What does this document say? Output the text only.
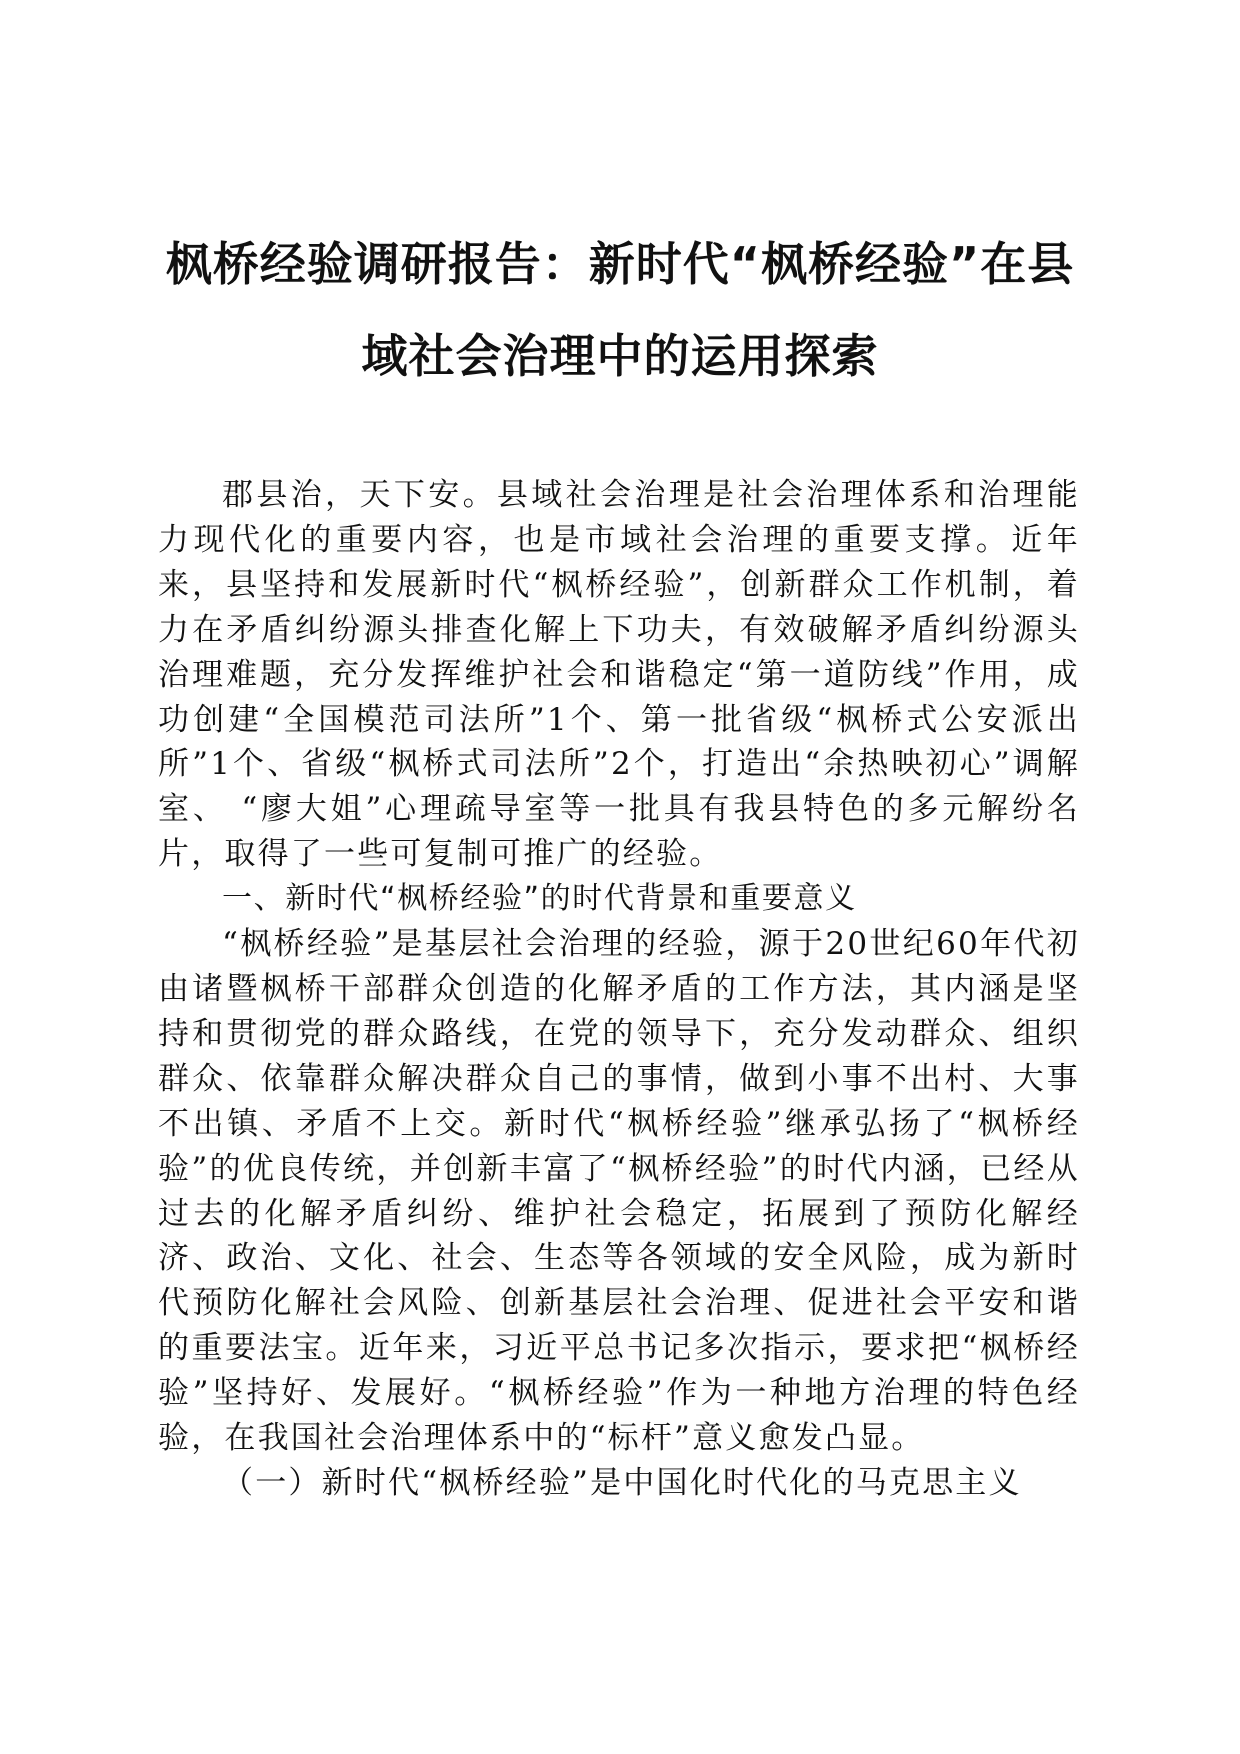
枫桥经验调研报告：新时代“枫桥经验”在县域社会治理中的运用探索

郡县治，天下安。县域社会治理是社会治理体系和治理能力现代化的重要内容，也是市域社会治理的重要支撑。近年来，县坚持和发展新时代“枫桥经验”，创新群众工作机制，着力在矛盾纠纷源头排查化解上下功夫，有效破解矛盾纠纷源头治理难题，充分发挥维护社会和谐稳定“第一道防线”作用，成功创建“全国模范司法所”1个、第一批省级“枫桥式公安派出所”1个、省级“枫桥式司法所”2个，打造出“余热映初心”调解室、 “廖大姐”心理疏导室等一批具有我县特色的多元解纷名片，取得了一些可复制可推广的经验。

一、新时代“枫桥经验”的时代背景和重要意义

“枫桥经验”是基层社会治理的经验，源于20世纪60年代初由诸暨枫桥干部群众创造的化解矛盾的工作方法，其内涵是坚持和贯彻党的群众路线，在党的领导下，充分发动群众、组织群众、依靠群众解决群众自己的事情，做到小事不出村、大事不出镇、矛盾不上交。新时代“枫桥经验”继承弘扬了“枫桥经验”的优良传统，并创新丰富了“枫桥经验”的时代内涵，已经从过去的化解矛盾纠纷、维护社会稳定，拓展到了预防化解经济、政治、文化、社会、生态等各领域的安全风险，成为新时代预防化解社会风险、创新基层社会治理、促进社会平安和谐的重要法宝。近年来，习近平总书记多次指示，要求把“枫桥经验”坚持好、发展好。“枫桥经验”作为一种地方治理的特色经验，在我国社会治理体系中的“标杆”意义愈发凸显。

（一）新时代“枫桥经验”是中国化时代化的马克思主义
